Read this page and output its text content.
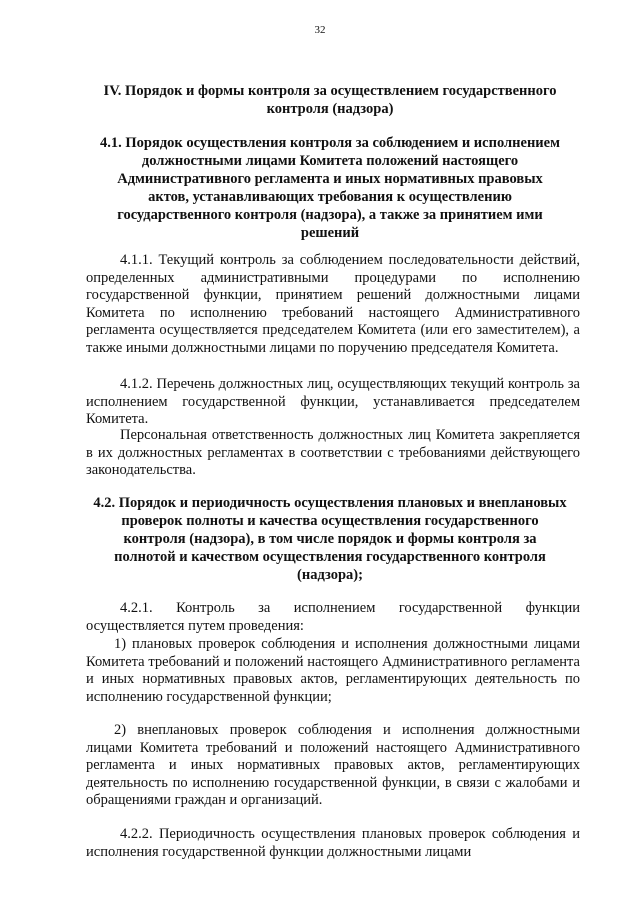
32

IV. Порядок и формы контроля за осуществлением государственного контроля (надзора)

4.1. Порядок осуществления контроля за соблюдением и исполнением должностными лицами Комитета положений настоящего Административного регламента и иных нормативных правовых актов, устанавливающих требования к осуществлению государственного контроля (надзора), а также за принятием ими решений

4.1.1. Текущий контроль за соблюдением последовательности действий, определенных административными процедурами по исполнению государственной функции, принятием решений должностными лицами Комитета по исполнению требований настоящего Административного регламента осуществляется председателем Комитета (или его заместителем), а также иными должностными лицами по поручению председателя Комитета.

4.1.2. Перечень должностных лиц, осуществляющих текущий контроль за исполнением государственной функции, устанавливается председателем Комитета.

Персональная ответственность должностных лиц Комитета закрепляется в их должностных регламентах в соответствии с требованиями действующего законодательства.

4.2. Порядок и периодичность осуществления плановых и внеплановых проверок полноты и качества осуществления государственного контроля (надзора), в том числе порядок и формы контроля за полнотой и качеством осуществления государственного контроля (надзора);

4.2.1. Контроль за исполнением государственной функции осуществляется путем проведения:

1) плановых проверок соблюдения и исполнения должностными лицами Комитета требований и положений настоящего Административного регламента и иных нормативных правовых актов, регламентирующих деятельность по исполнению государственной функции;

2) внеплановых проверок соблюдения и исполнения должностными лицами Комитета требований и положений настоящего Административного регламента и иных нормативных правовых актов, регламентирующих деятельность по исполнению государственной функции, в связи с жалобами и обращениями граждан и организаций.

4.2.2. Периодичность осуществления плановых проверок соблюдения и исполнения государственной функции должностными лицами
